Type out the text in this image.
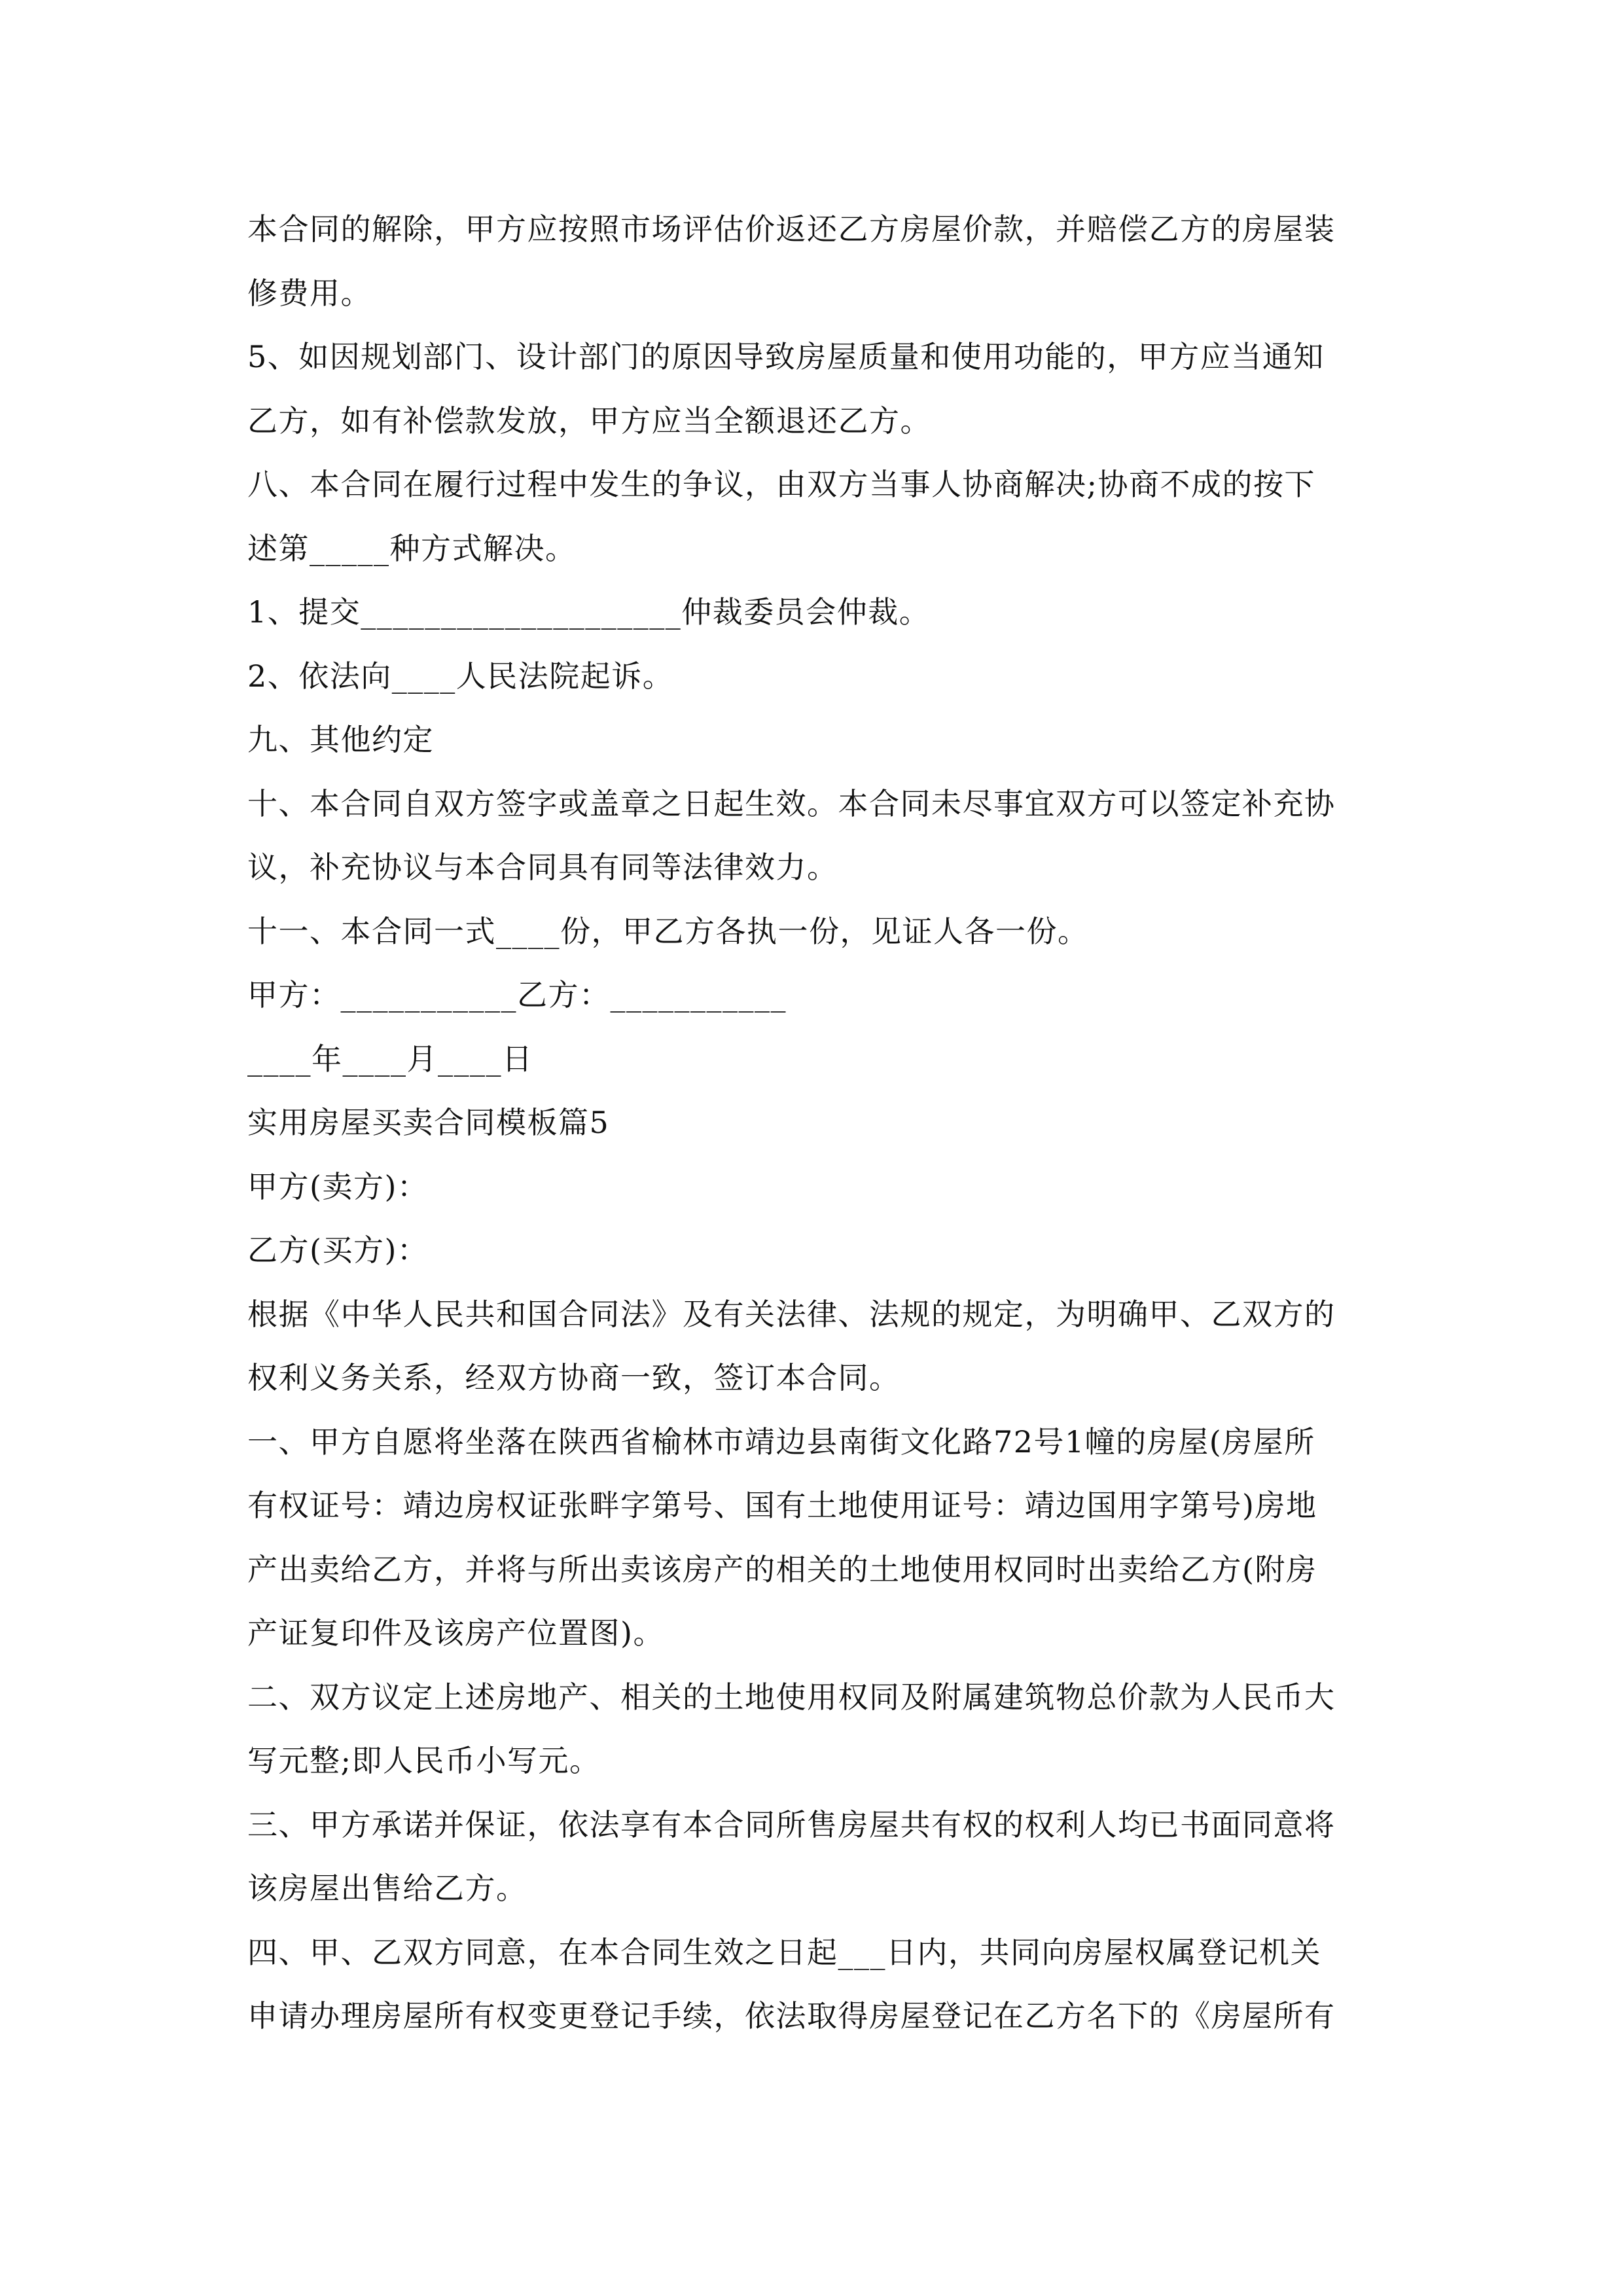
本合同的解除，甲方应按照市场评估价返还乙方房屋价款，并赔偿乙方的房屋装
修费用。
5、如因规划部门、设计部门的原因导致房屋质量和使用功能的，甲方应当通知
乙方，如有补偿款发放，甲方应当全额退还乙方。
八、本合同在履行过程中发生的争议，由双方当事人协商解决;协商不成的按下
述第_____种方式解决。
1、提交____________________仲裁委员会仲裁。
2、依法向____人民法院起诉。
九、其他约定
十、本合同自双方签字或盖章之日起生效。本合同未尽事宜双方可以签定补充协
议，补充协议与本合同具有同等法律效力。
十一、本合同一式____份，甲乙方各执一份，见证人各一份。
甲方：___________乙方：___________
____年____月____日
实用房屋买卖合同模板篇5
甲方(卖方)：
乙方(买方)：
根据《中华人民共和国合同法》及有关法律、法规的规定，为明确甲、乙双方的
权利义务关系，经双方协商一致，签订本合同。
一、甲方自愿将坐落在陕西省榆林市靖边县南街文化路72号1幢的房屋(房屋所
有权证号：靖边房权证张畔字第号、国有土地使用证号：靖边国用字第号)房地
产出卖给乙方，并将与所出卖该房产的相关的土地使用权同时出卖给乙方(附房
产证复印件及该房产位置图)。
二、双方议定上述房地产、相关的土地使用权同及附属建筑物总价款为人民币大
写元整;即人民币小写元。
三、甲方承诺并保证，依法享有本合同所售房屋共有权的权利人均已书面同意将
该房屋出售给乙方。
四、甲、乙双方同意，在本合同生效之日起___日内，共同向房屋权属登记机关
申请办理房屋所有权变更登记手续，依法取得房屋登记在乙方名下的《房屋所有
